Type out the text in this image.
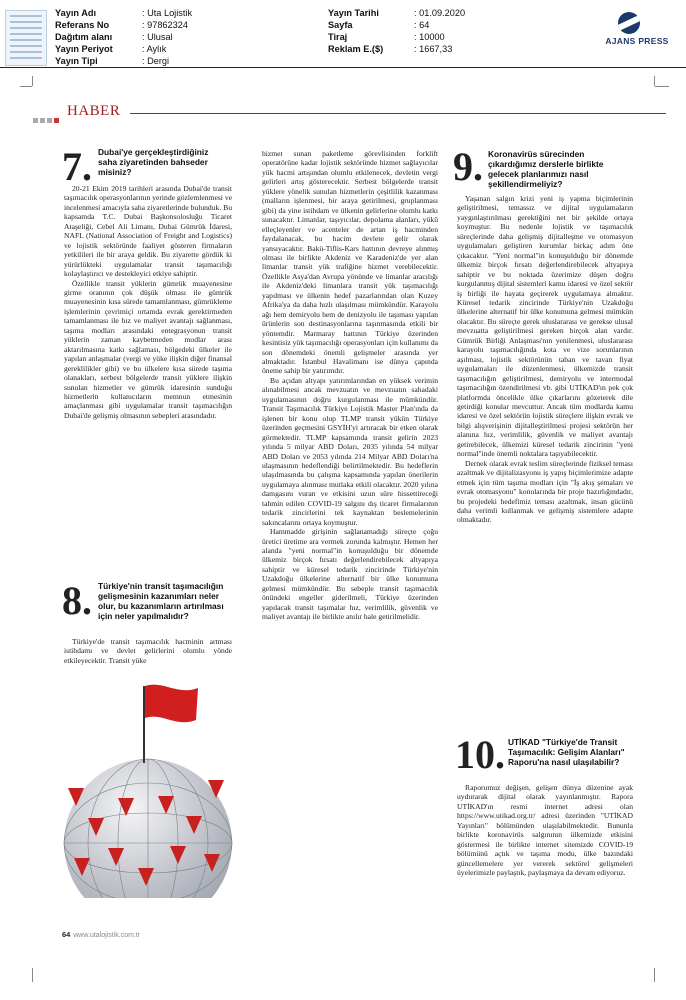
Yayın Adı	: Uta Lojistik
Referans No	: 97862324
Dağıtım alanı	: Ulusal
Yayın Periyot	: Aylık
Yayın Tipi	: Dergi
Yayın Tarihi	: 01.09.2020
Sayfa	: 64
Tiraj	: 10000
Reklam E.($)	: 1667,33
AJANS PRESS
HABER
7. Dubai'ye gerçekleştirdiğiniz saha ziyaretinden bahseder misiniz?

20-21 Ekim 2019 tarihleri arasında Dubai'de transit taşımacılık operasyonlarının yerinde gözlemlenmesi ve incelenmesi amacıyla saha ziyaretlerinde bulunduk. Bu kapsamda T.C. Dubai Başkonsolosluğu Ticaret Ataşeliği, Cebel Ali Limanı, Dubai Gümrük İdaresi, NAFL (National Association of Freight and Logistics) ve lojistik sektöründe faaliyet gösteren firmaların yetkilileri ile bir araya geldik. Bu ziyarette gördük ki yürürlükteki uygulamalar transit taşımacılığı kolaylaştırıcı ve destekleyici etkiye sahiptir.

Özellikle transit yüklerin gümrük muayenesine girme oranının çok düşük olması ile gümrük muayenesinin kısa sürede tamamlanması, gümrükleme işlemlerinin çevrimiçi ortamda evrak gerektirmeden tamamlanması ile hız ve maliyet avantajı sağlanması, taşıma modları arasındaki entegrasyonun transit yüklerin zaman kaybetmeden modlar arası aktarılmasına katkı sağlaması, bölgedeki ülkeler ile yapılan anlaşmalar (vergi ve yüke ilişkin diğer finansal gereklilikler gibi) ve bu ülkelere kısa sürede taşıma olanakları, serbest bölgelerde transit yüklere ilişkin sunulan hizmetler ve gümrük idaresinin sunduğu hizmetlerin kullanıcıların memnun etmesinin amaçlanması gibi uygulamalar transit taşımacılığın Dubai'de gelişmiş olmasının sebepleri arasındadır.

8. Türkiye'nin transit taşımacılığın gelişmesinin kazanımları neler olur, bu kazanımların artırılması için neler yapılmalıdır?

Türkiye'de transit taşımacılık hacminin artması istihdamı ve devlet gelirlerini olumlu yönde etkileyecektir. Transit yüke

hizmet sunan paketleme görevlisinden forklift operatörüne kadar lojistik sektöründe hizmet sağlayıcılar yük hacmi artışından olumlu etkilenecek, devletin vergi gelirleri artış gösterecektir. Serbest bölgelerde transit yüklere yönelik sunulan hizmetlerin çeşitlilik kazanması (malların işlenmesi, bir araya getirilmesi, gruplanması gibi) da yine istihdam ve ülkenin gelirlerine olumlu katkı sunacaktır. Limanlar, taşıyıcılar, depolama alanları, yükü elleçleyenler ve acenteler de artan iş hacminden faydalanacak, bu hacim devlete gelir olarak yansıyacaktır. Bakü-Tiflis-Kars hattının devreye alınmış olması ile birlikte Akdeniz ve Karadeniz'de yer alan limanlar transit yük trafiğine hizmet verebilecektir. Özellikle Asya'dan Avrupa yönünde ve limanlar aracılığı ile Akdeniz'deki limanlara transit yük taşımacılığı yapılması ve ülkenin hedef pazarlarından olan Kuzey Afrika'ya da daha hızlı ulaşılması mümkündür. Karayolu ağı hem demiryolu hem de denizyolu ile taşıması yapılan ürünlerin son destinasyonlarına taşınmasında etkili bir yöntemdir. Marmaray hattının Türkiye üzerinden kesintisiz yük taşımacılığı operasyonları için kullanımı da son dönemdeki önemli gelişmeler arasında yer almaktadır. İstanbul Havalimanı ise dünya çapında öneme sahip bir yatırımdır.

Bu açıdan altyapı yatırımlarından en yüksek verimin alınabilmesi ancak mevzuatın ve mevzuatın sahadaki uygulamasının doğru kurgulanması ile mümkündür. Transit Taşımacılık Türkiye Lojistik Master Plan'ında da işlenen bir konu olup TLMP transit yükün Türkiye üzerinden geçmesini GSYİH'yi artıracak bir etken olarak görmektedir. TLMP kapsamında transit gelirin 2023 yılında 5 milyar ABD Doları, 2035 yılında 54 milyar ABD Doları ve 2053 yılında 214 Milyar ABD Doları'na ulaşmasının hedeflendiği belirtilmektedir. Bu hedeflerin ulaşılmasında bu çalışma kapsamında yapılan önerilerin uygulamaya alınması mutlaka etkili olacaktır. 2020 yılına damgasını vuran ve etkisini uzun süre hissettireceği tahmin edilen COVID-19 salgını dış ticaret firmalarının tedarik zincirlerini tek kaynaktan beslemelerinin sakıncalarını ortaya koymuştur.

Hammadde girişinin sağlanamadığı süreçte çoğu üretici üretime ara vermek zorunda kalmıştır. Hemen her alanda "yeni normal"in konuşulduğu bir dönemde ülkemiz birçok fırsatı değerlendirebilecek altyapıya sahiptir ve küresel tedarik zincirinde Türkiye'nin Uzakdoğu ülkelerine alternatif bir ülke konumuna gelmesi mümkündür. Bu sebeple transit taşımacılık önündeki engeller giderilmeli, Türkiye üzerinden yapılacak transit taşımalar hız, verimlilik, güvenlik ve maliyet avantajı ile birlikte anılır hale getirilmelidir.

9. Koronavirüs sürecinden çıkardığımız derslerle birlikte gelecek planlarımızı nasıl şekillendirmeliyiz?

Yaşanan salgın krizi yeni iş yapma biçimlerinin geliştirilmesi, temassız ve dijital uygulamaların yaygınlaştırılması gerektiğini net bir şekilde ortaya koymuştur. Bu nedenle lojistik ve taşımacılık süreçlerinde daha gelişmiş dijitalleşme ve otomasyon uygulamaları geliştiren kurumlar birkaç adım öne çıkacaktır. "Yeni normal"in konuşulduğu bir dönemde ülkemiz birçok fırsatı değerlendirebilecek altyapıya sahiptir ve bu noktada üzerimize düşen doğru kurgulanmış dijital sistemleri kamu idaresi ve özel sektör iş birliği ile hayata geçirerek uygulamaya almaktır. Küresel tedarik zincirinde Türkiye'nin Uzakdoğu ülkelerine alternatif bir ülke konumuna gelmesi mümkün olacaktır. Bu süreçte gerek uluslararası ve gerekse ulusal mevzuatta geliştirilmesi gereken birçok alan vardır. Gümrük Birliği Anlaşması'nın yenilenmesi, uluslararası karayolu taşımacılığında kota ve vize sorunlarının aşılması, lojistik sektörünün taban ve tavan fiyat uygulamaları ile düzenlenmesi, ülkemizde transit taşımacılığın geliştirilmesi, demiryolu ve intermodal taşımacılığın özendirilmesi vb. gibi UTİKAD'ın pek çok platformda öncelikle ülke çıkarlarını gözeterek dile getirdiği konular mevcuttur. Ancak tüm modlarda kamu idaresi ve özel sektörün lojistik süreçlere ilişkin evrak ve bilgi alışverişinin dijitalleştirilmesi projesi sektörün her alanına hız, verimlilik, güvenlik ve maliyet avantajı getirebilecek, ülkemizi küresel tedarik zincirinin "yeni normal"inde önemli noktalara taşıyabilecektir.

Dernek olarak evrak teslim süreçlerinde fiziksel teması azaltmak ve dijitalizasyonu iş yapış biçimlerimize adapte etmek için tüm taşıma modları için "İş akış şemaları ve evrak otomasyonu" konularında bir proje hazırlığındadır, bu projedeki hedefimiz teması azaltmak, insan gücünü daha verimli kullanmak ve gelişmiş sistemlere adapte olmaktadır.

10. UTİKAD "Türkiye'de Transit Taşımacılık: Gelişim Alanları" Raporu'na nasıl ulaşılabilir?

Raporumuz değişen, gelişen dünya düzenine ayak uydurarak dijital olarak yayınlanmıştır. Rapora UTİKAD'ın resmi internet adresi olan https://www.utikad.org.tr/ adresi üzerinden "UTİKAD Yayınları" bölümünden ulaşılabilmektedir. Bununla birlikte koronavirüs salgınının ülkemizde etkisini göstermesi ile birlikte internet sitemizde COVID-19 bölümünü açtık ve taşıma modu, ülke bazındaki güncellemelere yer vererek sektörel gelişmeleri üyelerimizle paylaştık, paylaşmaya da devam ediyoruz.

64 www.utalojistik.com.tr
